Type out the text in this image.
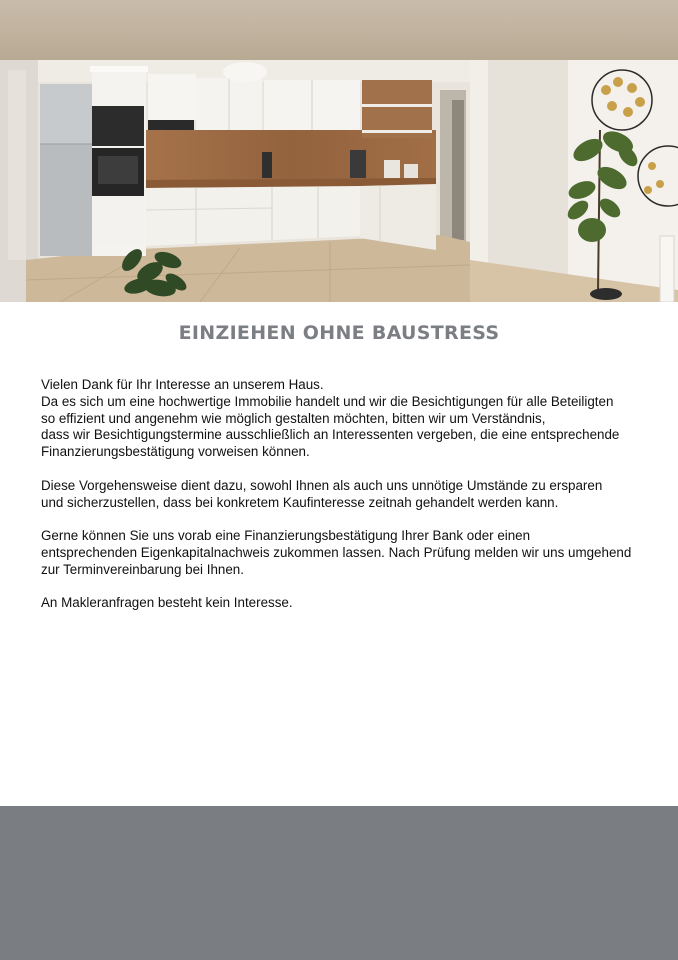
EINZIEHEN OHNE BAUSTRESS

Vielen Dank für Ihr Interesse an unserem Haus.
Da es sich um eine hochwertige Immobilie handelt und wir die Besichtigungen für alle Beteiligten
so effizient und angenehm wie möglich gestalten möchten, bitten wir um Verständnis,
dass wir Besichtigungstermine ausschließlich an Interessenten vergeben, die eine entsprechende
Finanzierungsbestätigung vorweisen können.

Diese Vorgehensweise dient dazu, sowohl Ihnen als auch uns unnötige Umstände zu ersparen
und sicherzustellen, dass bei konkretem Kaufinteresse zeitnah gehandelt werden kann.

Gerne können Sie uns vorab eine Finanzierungsbestätigung Ihrer Bank oder einen
entsprechenden Eigenkapitalnachweis zukommen lassen. Nach Prüfung melden wir uns umgehend
zur Terminvereinbarung bei Ihnen.

An Makleranfragen besteht kein Interesse.
